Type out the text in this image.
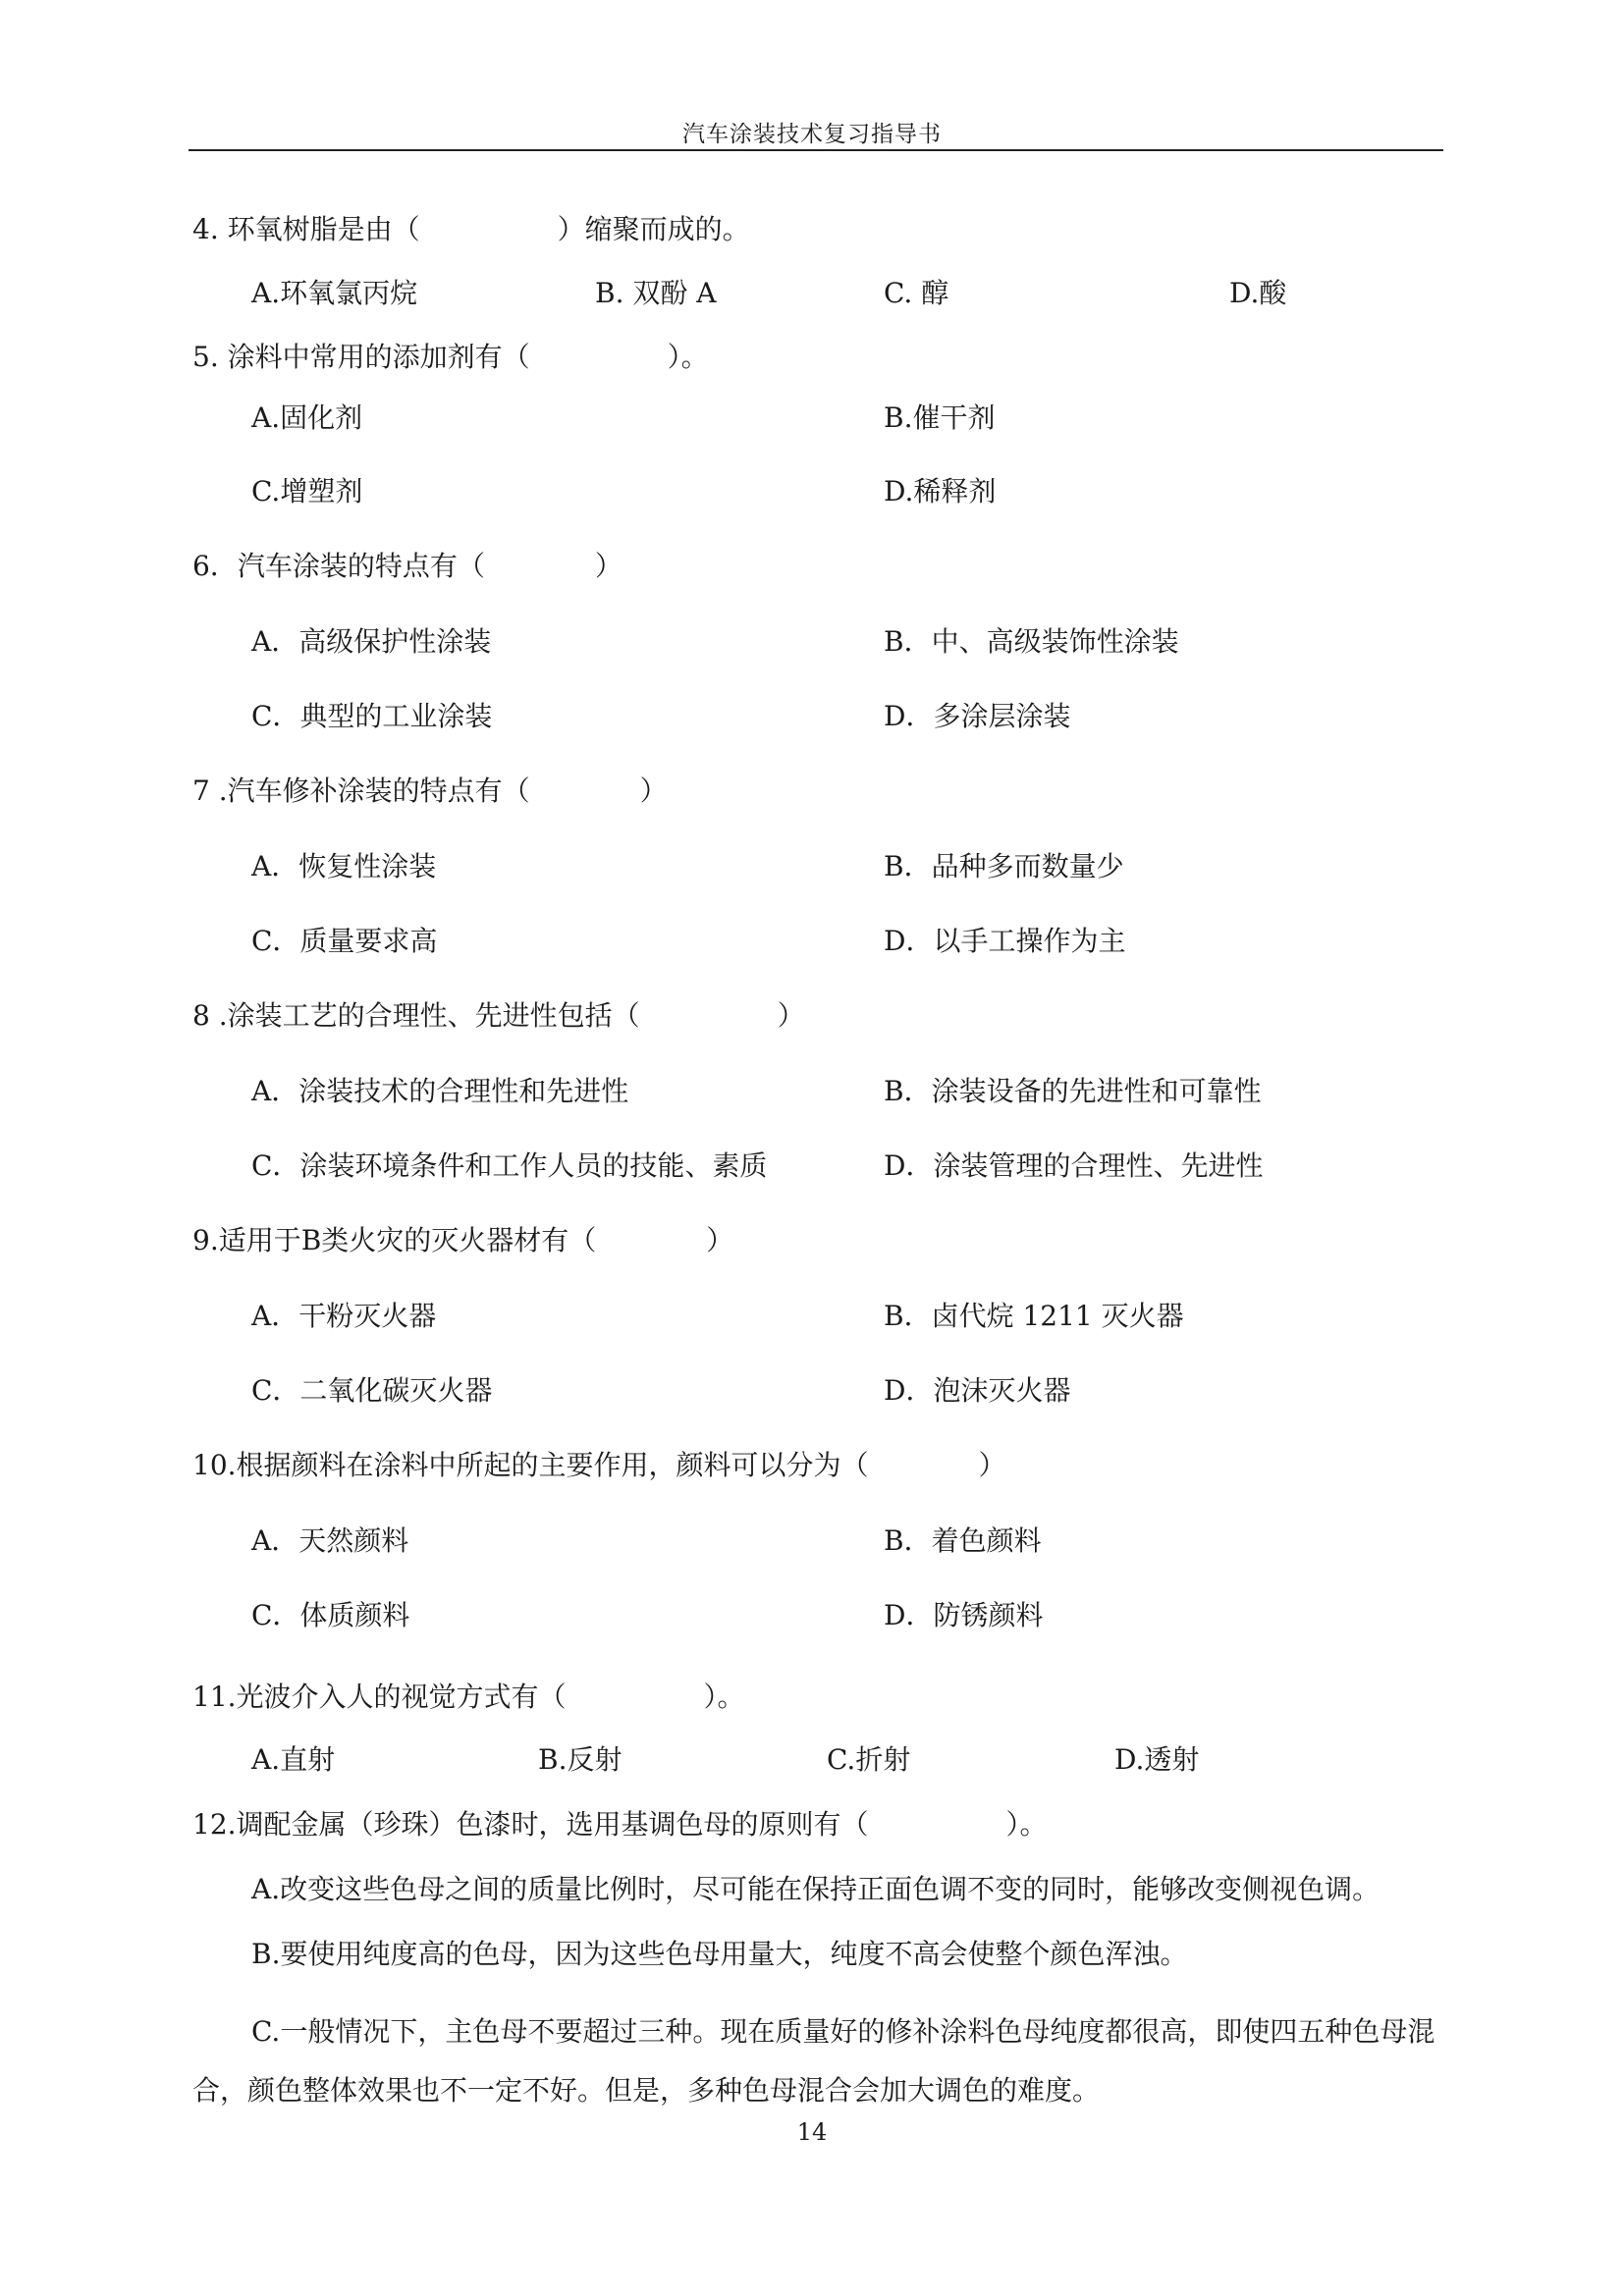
汽车涂装技术复习指导书
4. 环氧树脂是由（　　　　　）缩聚而成的。
A.环氧氯丙烷	B. 双酚 A	C. 醇	D.酸
5. 涂料中常用的添加剂有（　　　　　）。
A.固化剂	B.催干剂
C.增塑剂	D.稀释剂
6．汽车涂装的特点有（　　　　）
A．高级保护性涂装	B．中、高级装饰性涂装
C．典型的工业涂装	D．多涂层涂装
7 .汽车修补涂装的特点有（　　　　）
A．恢复性涂装	B．品种多而数量少
C．质量要求高	D．以手工操作为主
8 .涂装工艺的合理性、先进性包括（　　　　　）
A．涂装技术的合理性和先进性	B．涂装设备的先进性和可靠性
C．涂装环境条件和工作人员的技能、素质	D．涂装管理的合理性、先进性
9.适用于B类火灾的灭火器材有（　　　　）
A．干粉灭火器	B．卤代烷 1211 灭火器
C．二氧化碳灭火器	D．泡沫灭火器
10.根据颜料在涂料中所起的主要作用，颜料可以分为（　　　　）
A．天然颜料	B．着色颜料
C．体质颜料	D．防锈颜料
11.光波介入人的视觉方式有（　　　　　）。
A.直射	B.反射	C.折射	D.透射
12.调配金属（珍珠）色漆时，选用基调色母的原则有（　　　　　）。
A.改变这些色母之间的质量比例时，尽可能在保持正面色调不变的同时，能够改变侧视色调。
B.要使用纯度高的色母，因为这些色母用量大，纯度不高会使整个颜色浑浊。
C.一般情况下，主色母不要超过三种。现在质量好的修补涂料色母纯度都很高，即使四五种色母混合，颜色整体效果也不一定不好。但是，多种色母混合会加大调色的难度。
14
